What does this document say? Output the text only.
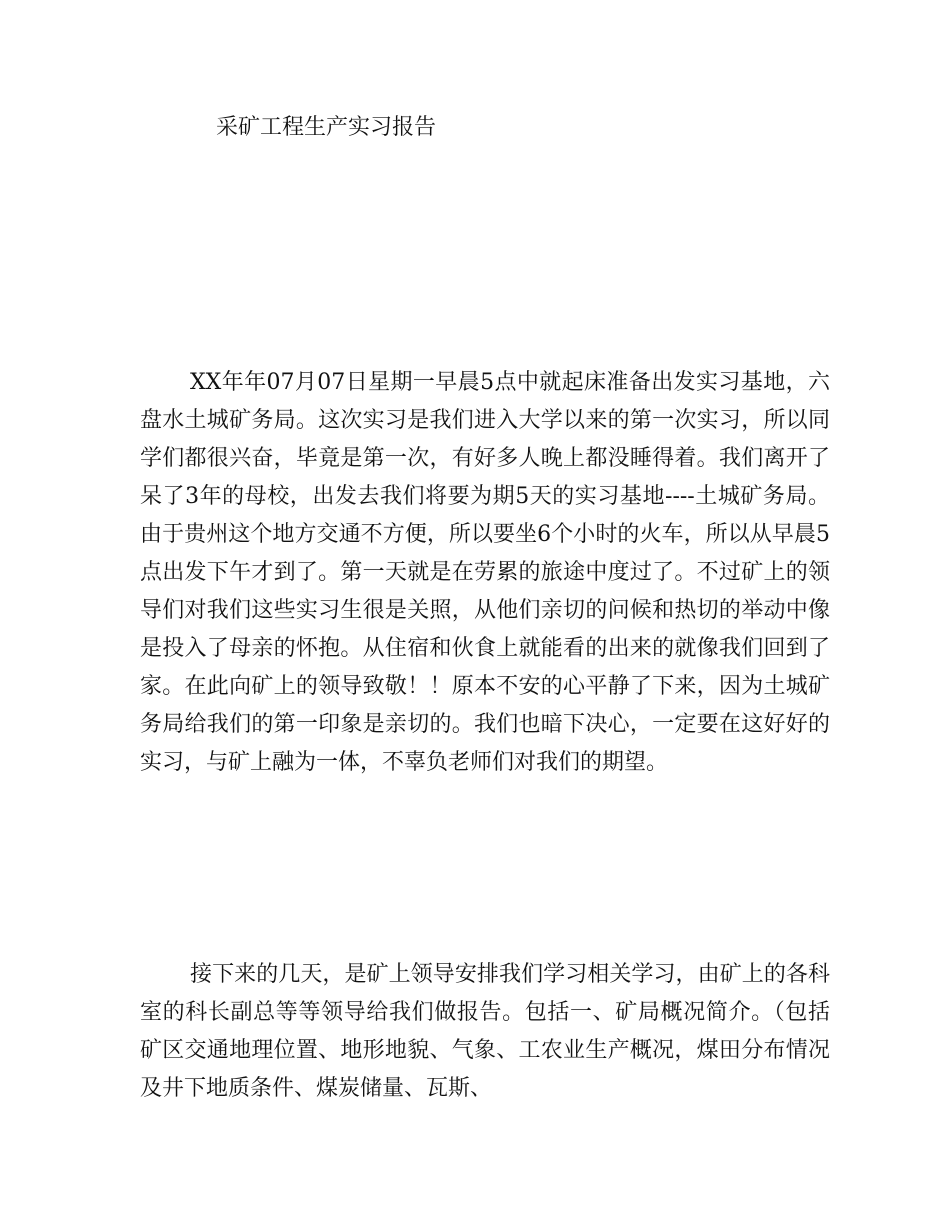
采矿工程生产实习报告

XX年年07月07日星期一早晨5点中就起床准备出发实习基地，六盘水土城矿务局。这次实习是我们进入大学以来的第一次实习，所以同学们都很兴奋，毕竟是第一次，有好多人晚上都没睡得着。我们离开了呆了3年的母校，出发去我们将要为期5天的实习基地----土城矿务局。由于贵州这个地方交通不方便，所以要坐6个小时的火车，所以从早晨5点出发下午才到了。第一天就是在劳累的旅途中度过了。不过矿上的领导们对我们这些实习生很是关照，从他们亲切的问候和热切的举动中像是投入了母亲的怀抱。从住宿和伙食上就能看的出来的就像我们回到了家。在此向矿上的领导致敬！！原本不安的心平静了下来，因为土城矿务局给我们的第一印象是亲切的。我们也暗下决心，一定要在这好好的实习，与矿上融为一体，不辜负老师们对我们的期望。

接下来的几天，是矿上领导安排我们学习相关学习，由矿上的各科室的科长副总等等领导给我们做报告。包括一、矿局概况简介。（包括矿区交通地理位置、地形地貌、气象、工农业生产概况，煤田分布情况及井下地质条件、煤炭储量、瓦斯、
